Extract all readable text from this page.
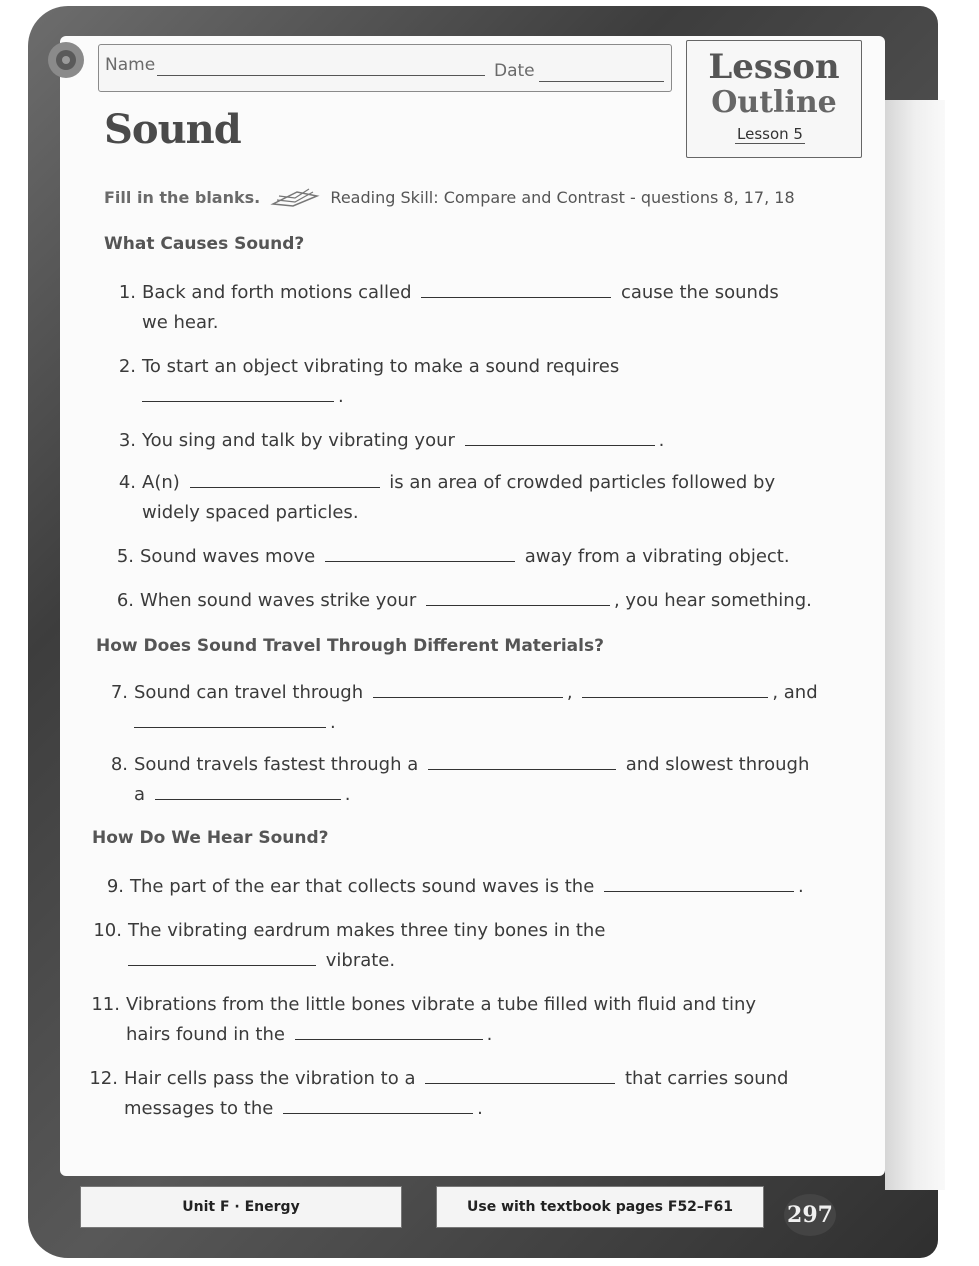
Name	Date	Lesson
Outline
Lesson 5
Sound
Fill in the blanks.	Reading Skill: Compare and Contrast - questions 8, 17, 18
What Causes Sound?
1. Back and forth motions called	cause the sounds
we hear.
2. To start an object vibrating to make a sound requires
.
3. You sing and talk by vibrating your	.
4. A(n)	is an area of crowded particles followed by
widely spaced particles.
5. Sound waves move	away from a vibrating object.
6. When sound waves strike your	, you hear something.
How Does Sound Travel Through Different Materials?
7. Sound can travel through	,	, and
.
8. Sound travels fastest through a	and slowest through
a	.
How Do We Hear Sound?
9. The part of the ear that collects sound waves is the	.
10. The vibrating eardrum makes three tiny bones in the
vibrate.
11. Vibrations from the little bones vibrate a tube filled with fluid and tiny
hairs found in the	.
12. Hair cells pass the vibration to a	that carries sound
messages to the	.
Unit F · Energy	Use with textbook pages F52–F61	297
